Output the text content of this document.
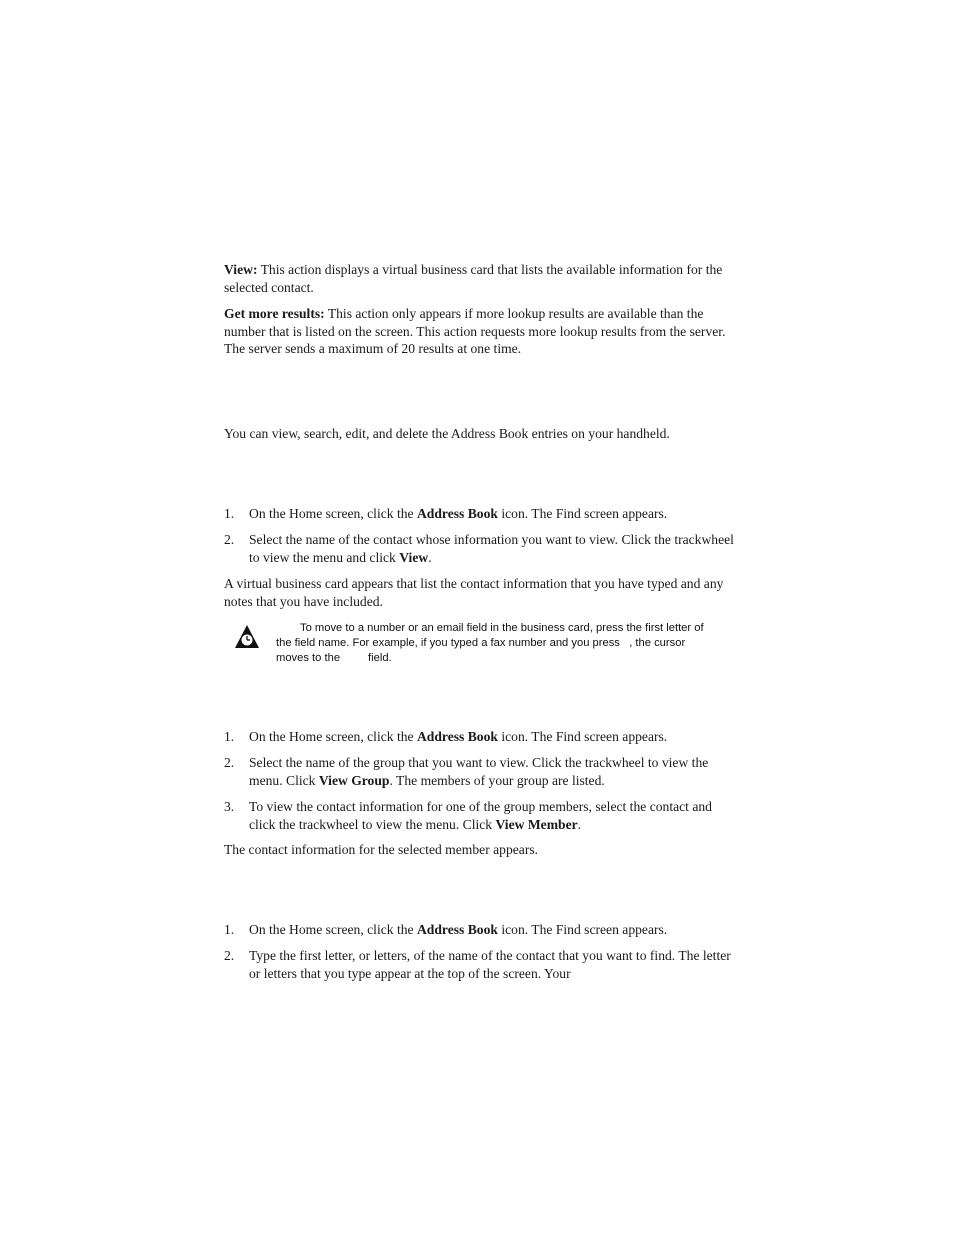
View: This action displays a virtual business card that lists the available information for the selected contact.

Get more results: This action only appears if more lookup results are available than the number that is listed on the screen. This action requests more lookup results from the server. The server sends a maximum of 20 results at one time.

You can view, search, edit, and delete the Address Book entries on your handheld.

1.	On the Home screen, click the Address Book icon. The Find screen appears.
2.	Select the name of the contact whose information you want to view. Click the trackwheel to view the menu and click View.

A virtual business card appears that list the contact information that you have typed and any notes that you have included.

To move to a number or an email field in the business card, press the first letter of
the field name. For example, if you typed a fax number and you press   , the cursor
moves to the         field.
1.	On the Home screen, click the Address Book icon. The Find screen appears.
2.	Select the name of the group that you want to view. Click the trackwheel to view the menu. Click View Group. The members of your group are listed.
3.	To view the contact information for one of the group members, select the contact and click the trackwheel to view the menu. Click View Member.

The contact information for the selected member appears.

1.	On the Home screen, click the Address Book icon. The Find screen appears.
2.	Type the first letter, or letters, of the name of the contact that you want to find. The letter or letters that you type appear at the top of the screen. Your
